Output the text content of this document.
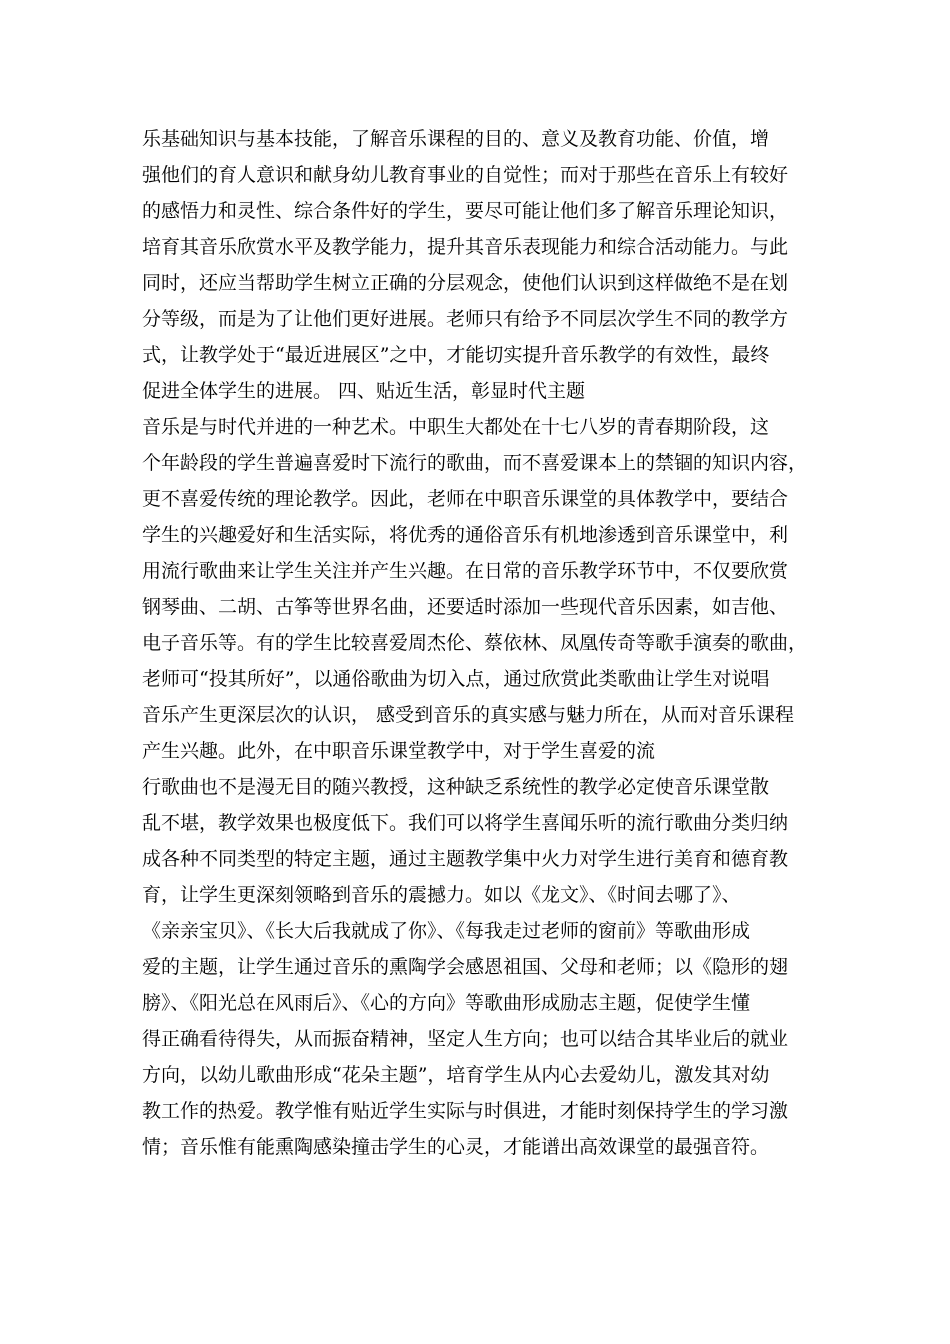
乐基础知识与基本技能，了解音乐课程的目的、意义及教育功能、价值，增
强他们的育人意识和献身幼儿教育事业的自觉性；而对于那些在音乐上有较好
的感悟力和灵性、综合条件好的学生，要尽可能让他们多了解音乐理论知识，
培育其音乐欣赏水平及教学能力，提升其音乐表现能力和综合活动能力。与此
同时，还应当帮助学生树立正确的分层观念，使他们认识到这样做绝不是在划
分等级，而是为了让他们更好进展。老师只有给予不同层次学生不同的教学方
式，让教学处于“最近进展区”之中，才能切实提升音乐教学的有效性，最终
促进全体学生的进展。 四、贴近生活，彰显时代主题
音乐是与时代并进的一种艺术。中职生大都处在十七八岁的青春期阶段，这
个年龄段的学生普遍喜爱时下流行的歌曲，而不喜爱课本上的禁锢的知识内容，
更不喜爱传统的理论教学。因此，老师在中职音乐课堂的具体教学中，要结合
学生的兴趣爱好和生活实际，将优秀的通俗音乐有机地渗透到音乐课堂中，利
用流行歌曲来让学生关注并产生兴趣。在日常的音乐教学环节中，不仅要欣赏
钢琴曲、二胡、古筝等世界名曲，还要适时添加一些现代音乐因素，如吉他、
电子音乐等。有的学生比较喜爱周杰伦、蔡依林、凤凰传奇等歌手演奏的歌曲，
老师可“投其所好”，以通俗歌曲为切入点，通过欣赏此类歌曲让学生对说唱
音乐产生更深层次的认识， 感受到音乐的真实感与魅力所在，从而对音乐课程
产生兴趣。此外，在中职音乐课堂教学中，对于学生喜爱的流
行歌曲也不是漫无目的随兴教授，这种缺乏系统性的教学必定使音乐课堂散
乱不堪，教学效果也极度低下。我们可以将学生喜闻乐听的流行歌曲分类归纳
成各种不同类型的特定主题，通过主题教学集中火力对学生进行美育和德育教
育，让学生更深刻领略到音乐的震撼力。如以《龙文》、《时间去哪了》、
《亲亲宝贝》、《长大后我就成了你》、《每我走过老师的窗前》等歌曲形成
爱的主题，让学生通过音乐的熏陶学会感恩祖国、父母和老师；以《隐形的翅
膀》、《阳光总在风雨后》、《心的方向》等歌曲形成励志主题，促使学生懂
得正确看待得失，从而振奋精神，坚定人生方向；也可以结合其毕业后的就业
方向，以幼儿歌曲形成“花朵主题”，培育学生从内心去爱幼儿，激发其对幼
教工作的热爱。教学惟有贴近学生实际与时俱进，才能时刻保持学生的学习激
情；音乐惟有能熏陶感染撞击学生的心灵，才能谱出高效课堂的最强音符。
